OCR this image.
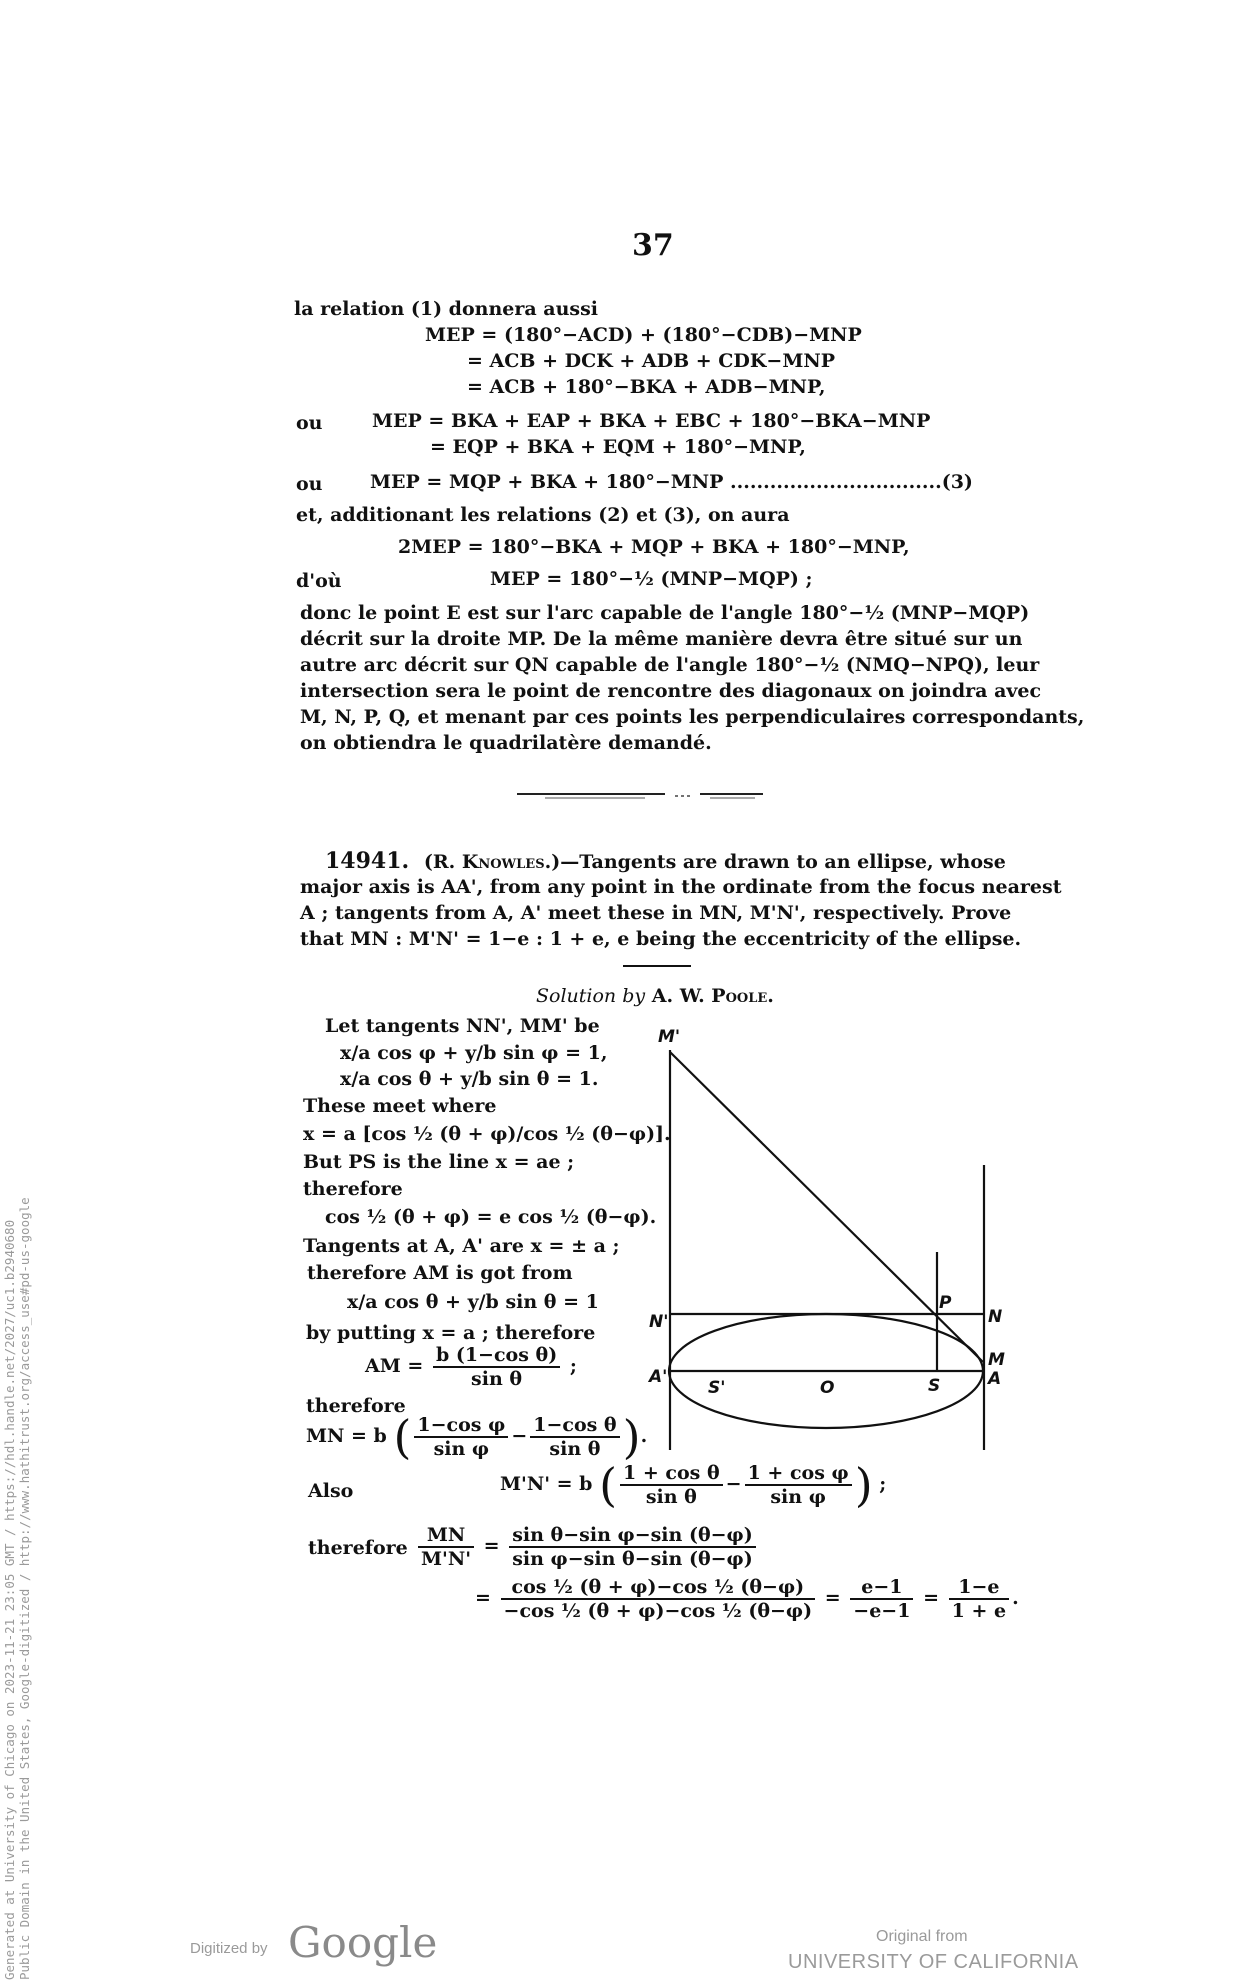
37
la relation (1) donnera aussi
MEP = (180°−ACD) + (180°−CDB)−MNP
= ACB + DCK + ADB + CDK−MNP
= ACB + 180°−BKA + ADB−MNP,
ou	MEP = BKA + EAP + BKA + EBC + 180°−BKA−MNP
= EQP + BKA + EQM + 180°−MNP,
ou	MEP = MQP + BKA + 180°−MNP ................................(3)
et, additionant les relations (2) et (3), on aura
2MEP = 180°−BKA + MQP + BKA + 180°−MNP,
d'où	MEP = 180°−½ (MNP−MQP) ;
donc le point E est sur l'arc capable de l'angle 180°−½ (MNP−MQP)
décrit sur la droite MP. De la même manière devra être situé sur un
autre arc décrit sur QN capable de l'angle 180°−½ (NMQ−NPQ), leur
intersection sera le point de rencontre des diagonaux on joindra avec
M, N, P, Q, et menant par ces points les perpendiculaires correspondants,
on obtiendra le quadrilatère demandé.
14941. (R. Knowles.)—Tangents are drawn to an ellipse, whose
major axis is AA', from any point in the ordinate from the focus nearest
A ; tangents from A, A' meet these in MN, M'N', respectively. Prove
that MN : M'N' = 1−e : 1 + e, e being the eccentricity of the ellipse.
Solution by A. W. Poole.
Let tangents NN', MM' be
x/a cos φ + y/b sin φ = 1,
x/a cos θ + y/b sin θ = 1.
These meet where
x = a [cos ½ (θ + φ)/cos ½ (θ−φ)].
But PS is the line x = ae ;
therefore
cos ½ (θ + φ) = e cos ½ (θ−φ).
Tangents at A, A' are x = ± a ;
therefore AM is got from
x/a cos θ + y/b sin θ = 1
by putting x = a ; therefore
AM = $\frac{\text{b (1−cos θ)}}{\text{sin θ}}$ ;
therefore
MN = b ( $\frac{\text{1−cos φ}}{\text{sin φ}} - \frac{\text{1−cos θ}}{\text{sin θ}}$ ).
Also	M'N' = b ( $\frac{\text{1 + cos θ}}{\text{sin θ}} - \frac{\text{1 + cos φ}}{\text{sin φ}}$ ) ;
therefore $\frac{MN}{M'N'} = \frac{\text{sin θ−sin φ−sin (θ−φ)}}{\text{sin φ−sin θ−sin (θ−φ)}}$
= $\frac{\text{cos ½ (θ + φ)−cos ½ (θ−φ)}}{\text{−cos ½ (θ + φ)−cos ½ (θ−φ)}} = \frac{e-1}{-e-1} = \frac{1-e}{1 + e}$ .
M'
P
N'	N
M
A'
S'	O	S	A
Digitized by Google	Original from
UNIVERSITY OF CALIFORNIA
Generated at University of Chicago on 2023-11-21 23:05 GMT / https://hdl.handle.net/2027/uc1.b2940680 Public Domain in the United States, Google-digitized / http://www.hathitrust.org/access_use#pd-us-google
